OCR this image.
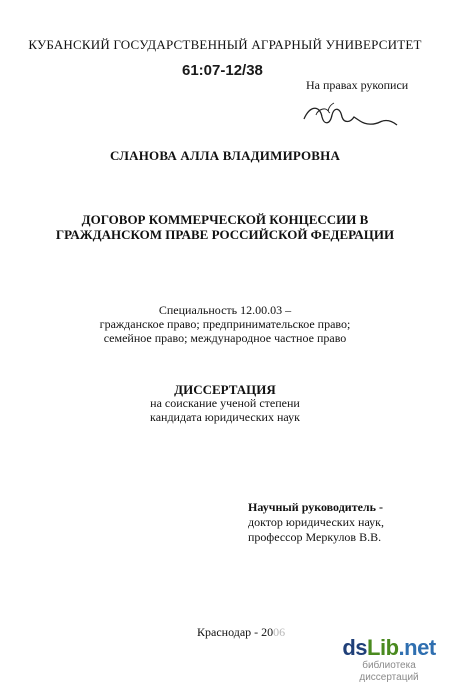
КУБАНСКИЙ ГОСУДАРСТВЕННЫЙ АГРАРНЫЙ УНИВЕРСИТЕТ
61:07-12/38
На правах рукописи
СЛАНОВА АЛЛА ВЛАДИМИРОВНА
ДОГОВОР КОММЕРЧЕСКОЙ КОНЦЕССИИ В
ГРАЖДАНСКОМ ПРАВЕ РОССИЙСКОЙ ФЕДЕРАЦИИ
Специальность 12.00.03 –
гражданское право; предпринимательское право;
семейное право; международное частное право
ДИССЕРТАЦИЯ
на соискание ученой степени
кандидата юридических наук
Научный руководитель -
доктор юридических наук,
профессор Меркулов В.В.
Краснодар - 2006
dsLib.net
библиотека диссертаций
